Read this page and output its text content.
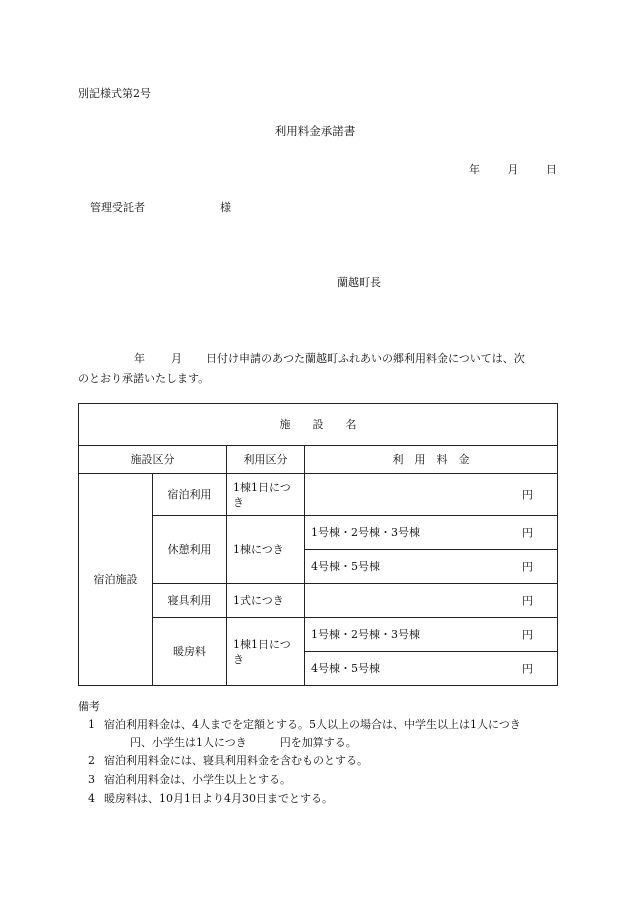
別記様式第2号
利用料金承諾書
年	月	日
管理受託者	様
蘭越町長
年 月 日付け申請のあつた蘭越町ふれあいの郷利用料金については、次
のとおり承諾いたします。
施　　設　　名			
施設区分		利用区分	利　用　料　金
宿泊施設	宿泊利用	1棟1日につき	円

	休憩利用	1棟につき	1号棟・2号棟・3号棟 円

			4号棟・5号棟 円

	寝具利用	1式につき	円

	暖房料	1棟1日につき	1号棟・2号棟・3号棟 円

			4号棟・5号棟 円
備考
1 宿泊利用料金は、4人までを定額とする。5人以上の場合は、中学生以上は1人につき
円、小学生は1人につき　　　円を加算する。
2 宿泊利用料金には、寝具利用料金を含むものとする。
3 宿泊利用料金は、小学生以上とする。
4 暖房料は、10月1日より4月30日までとする。
